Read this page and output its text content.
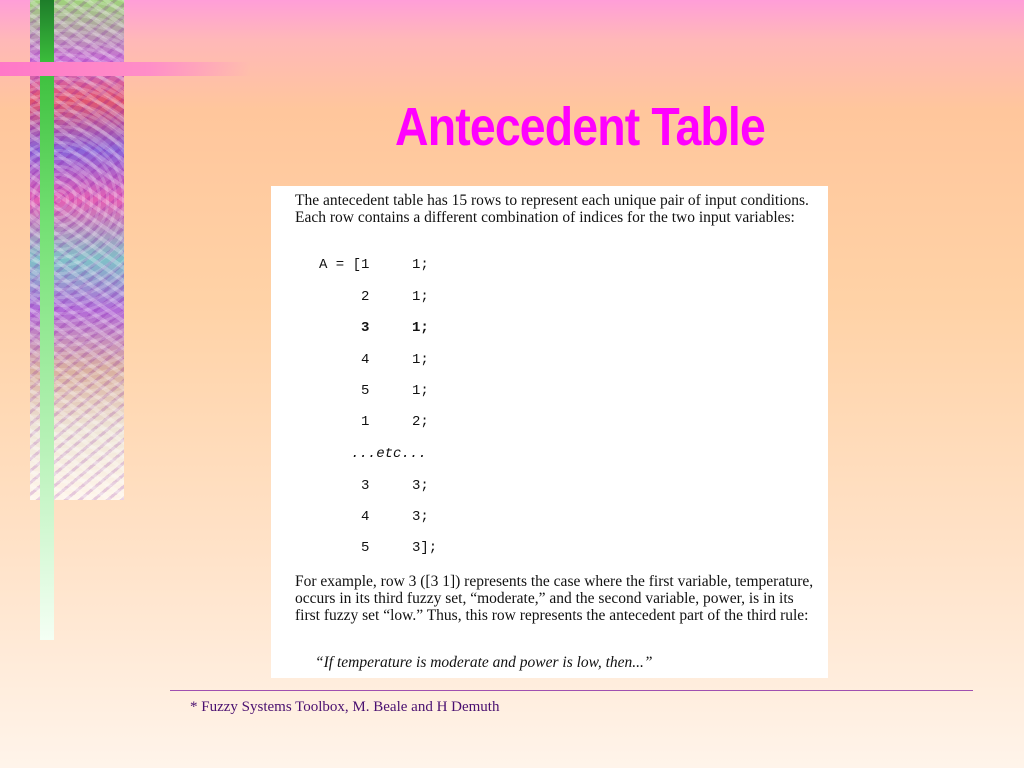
Antecedent Table

The antecedent table has 15 rows to represent each unique pair of input conditions. Each row contains a different combination of indices for the two input variables:

A = [ 1	1;
2	1;
3	1;
4	1;
5	1;
1	2;
...etc...
3	3;
4	3;
5	3];

For example, row 3 ([3 1]) represents the case where the first variable, temperature, occurs in its third fuzzy set, “moderate,” and the second variable, power, is in its first fuzzy set “low.” Thus, this row represents the antecedent part of the third rule:

“If temperature is moderate and power is low, then...”
* Fuzzy Systems Toolbox, M. Beale and H Demuth
